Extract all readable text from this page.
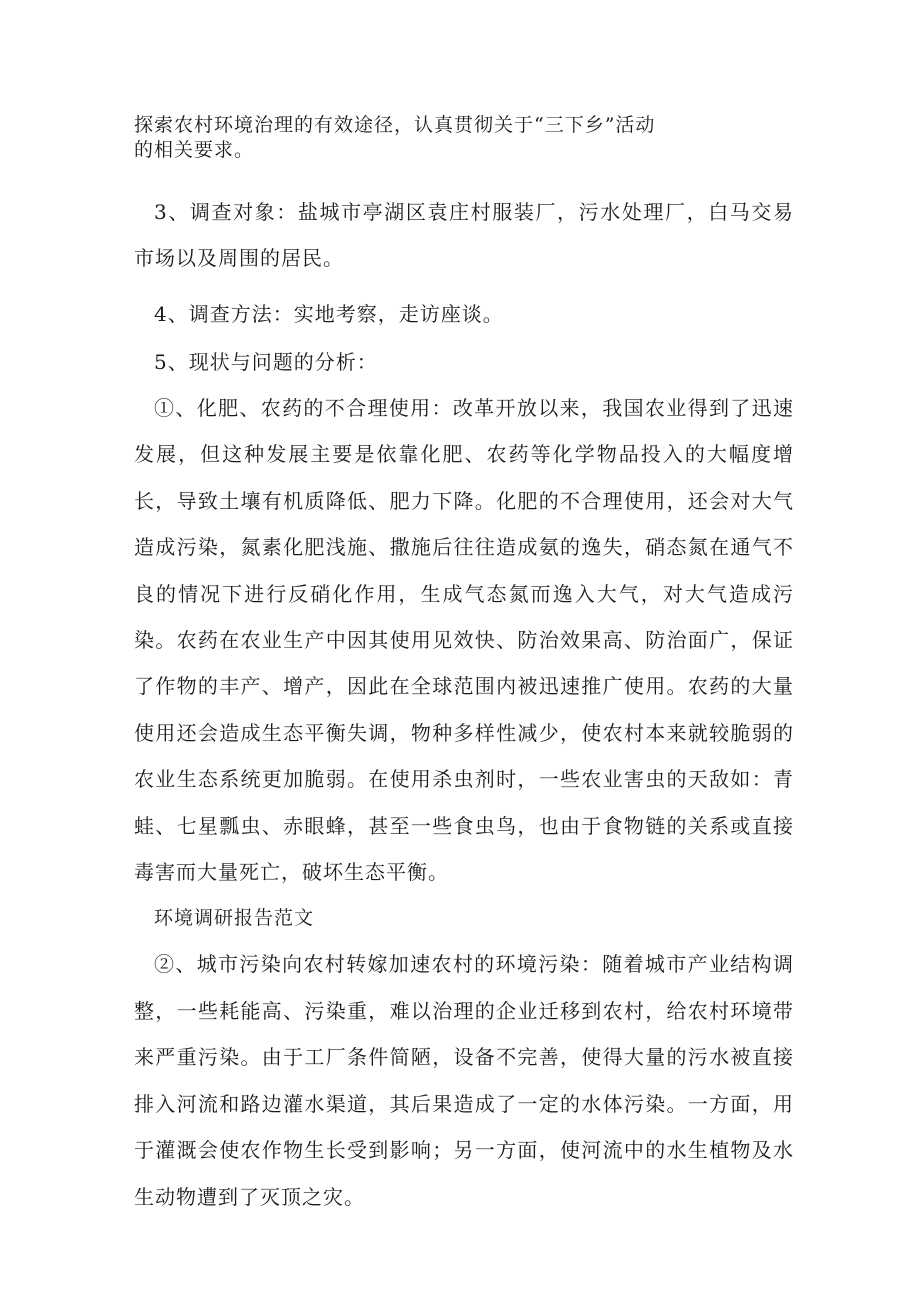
探索农村环境治理的有效途径，认真贯彻关于“三下乡”活动

的相关要求。

3、调查对象：盐城市亭湖区袁庄村服装厂，污水处理厂，白马交易市场以及周围的居民。

4、调查方法：实地考察，走访座谈。

5、现状与问题的分析：

①、化肥、农药的不合理使用：改革开放以来，我国农业得到了迅速发展，但这种发展主要是依靠化肥、农药等化学物品投入的大幅度增长，导致土壤有机质降低、肥力下降。化肥的不合理使用，还会对大气造成污染，氮素化肥浅施、撒施后往往造成氨的逸失，硝态氮在通气不良的情况下进行反硝化作用，生成气态氮而逸入大气，对大气造成污染。农药在农业生产中因其使用见效快、防治效果高、防治面广，保证了作物的丰产、增产，因此在全球范围内被迅速推广使用。农药的大量使用还会造成生态平衡失调，物种多样性减少，使农村本来就较脆弱的农业生态系统更加脆弱。在使用杀虫剂时，一些农业害虫的天敌如：青蛙、七星瓢虫、赤眼蜂，甚至一些食虫鸟，也由于食物链的关系或直接毒害而大量死亡，破坏生态平衡。

环境调研报告范文

②、城市污染向农村转嫁加速农村的环境污染：随着城市产业结构调整，一些耗能高、污染重，难以治理的企业迁移到农村，给农村环境带来严重污染。由于工厂条件简陋，设备不完善，使得大量的污水被直接排入河流和路边灌水渠道，其后果造成了一定的水体污染。一方面，用于灌溉会使农作物生长受到影响；另一方面，使河流中的水生植物及水生动物遭到了灭顶之灾。
